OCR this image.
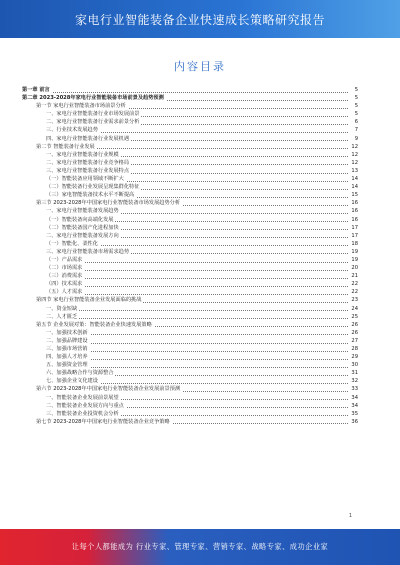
家电行业智能装备企业快速成长策略研究报告
内容目录
第一章 前言	5
第二章 2023-2028年家电行业智能装备市场前景及趋势预测	5
第一节 家电行业智能装备市场前景分析	5
一、家电行业智能装备行业市场发展前景	5
二、家电行业智能装备行业需求前景分析	6
三、行业技术发展趋势	7
四、家电行业智能装备行业发展机遇	9
第二节 智能装备行业发展	12
一、家电行业智能装备行业规模	12
二、家电行业智能装备行业竞争格局	12
三、家电行业智能装备行业发展特点	13
（一）智能装备应用领域不断扩大	14
（二）智能装备行业发展呈现集群化特征	14
（三）家电智能装备技术水平不断提高	15
第三节 2023-2028年中国家电行业智能装备市场发展趋势分析	16
一、家电行业智能装备发展趋势	16
（一）智能装备向高端化发展	16
（二）智能装备国产化进程加快	17
二、家电行业智能装备发展方向	17
（一）智能化、柔性化	18
三、家电行业智能装备市场需求趋势	19
（一）产品需求	19
（二）市场需求	20
（三）消费需求	21
（四）技术需求	22
（五）人才需求	22
第四节 家电行业智能装备企业发展面临的挑战	23
一、资金短缺	24
二、人才匮乏	25
第五节 企业发展对策：智能装备企业快速发展策略	26
一、加强技术创新	26
二、加强品牌建设	27
三、加强市场营销	28
四、加强人才培养	29
五、加强资金管理	30
六、加强战略合作与资源整合	31
七、加强企业文化建设	32
第六节 2023-2028年中国家电行业智能装备企业发展前景预测	33
一、智能装备企业发展前景展望	34
二、智能装备企业发展方向与重点	34
三、智能装备企业投资机会分析	35
第七节 2023-2028年中国家电行业智能装备企业竞争策略	36
1
让每个人都能成为 行业专家、管理专家、营销专家、战略专家、成功企业家
